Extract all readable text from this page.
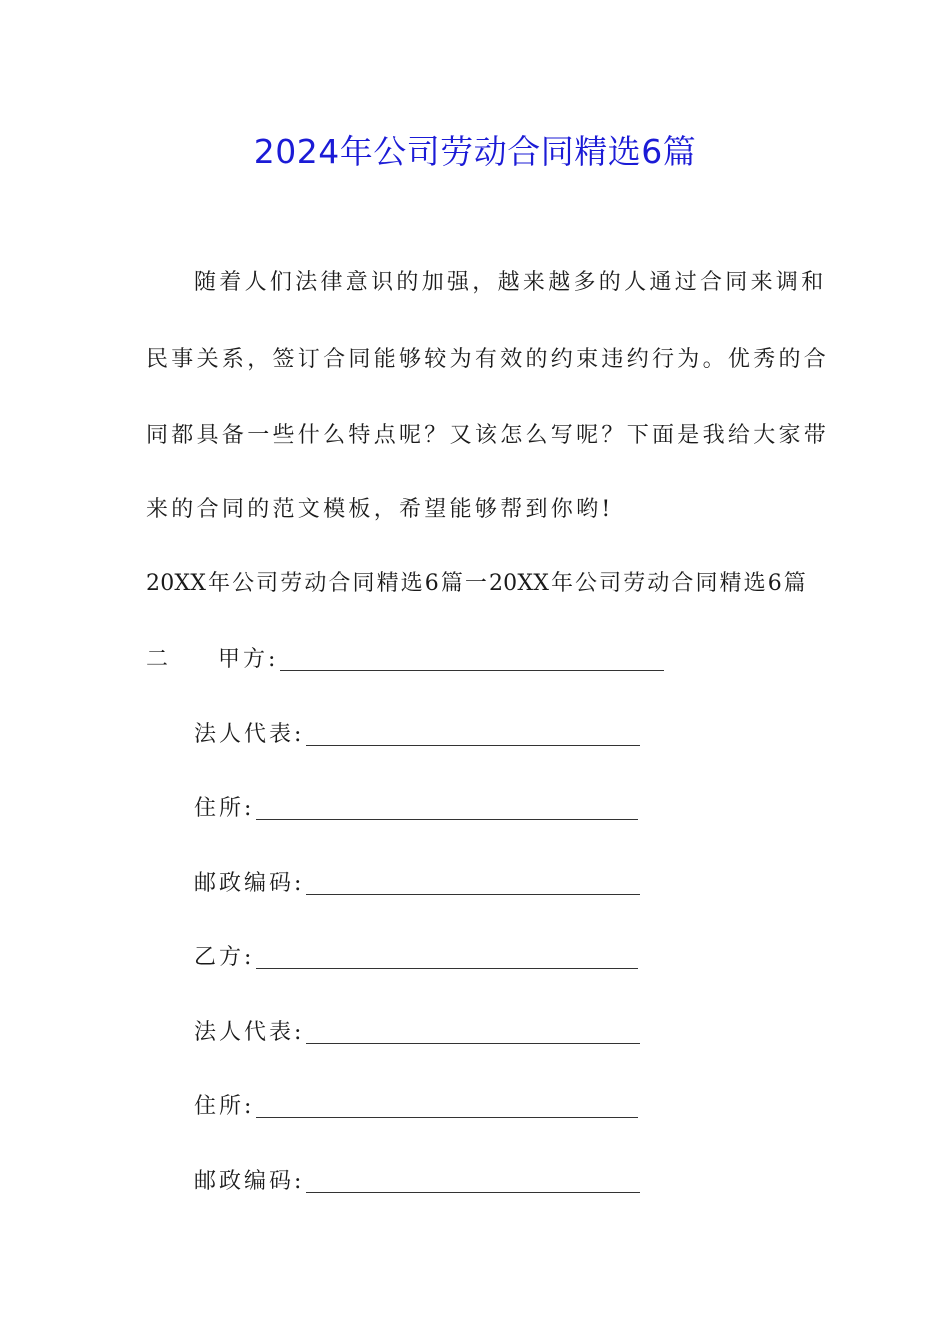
2024年公司劳动合同精选6篇
随着人们法律意识的加强，越来越多的人通过合同来调和
民事关系，签订合同能够较为有效的约束违约行为。优秀的合
同都具备一些什么特点呢？又该怎么写呢？下面是我给大家带
来的合同的范文模板，希望能够帮到你哟!
20XX年公司劳动合同精选6篇一20XX年公司劳动合同精选6篇
二 甲方:
法人代表:
住所:
邮政编码:
乙方:
法人代表:
住所:
邮政编码:
